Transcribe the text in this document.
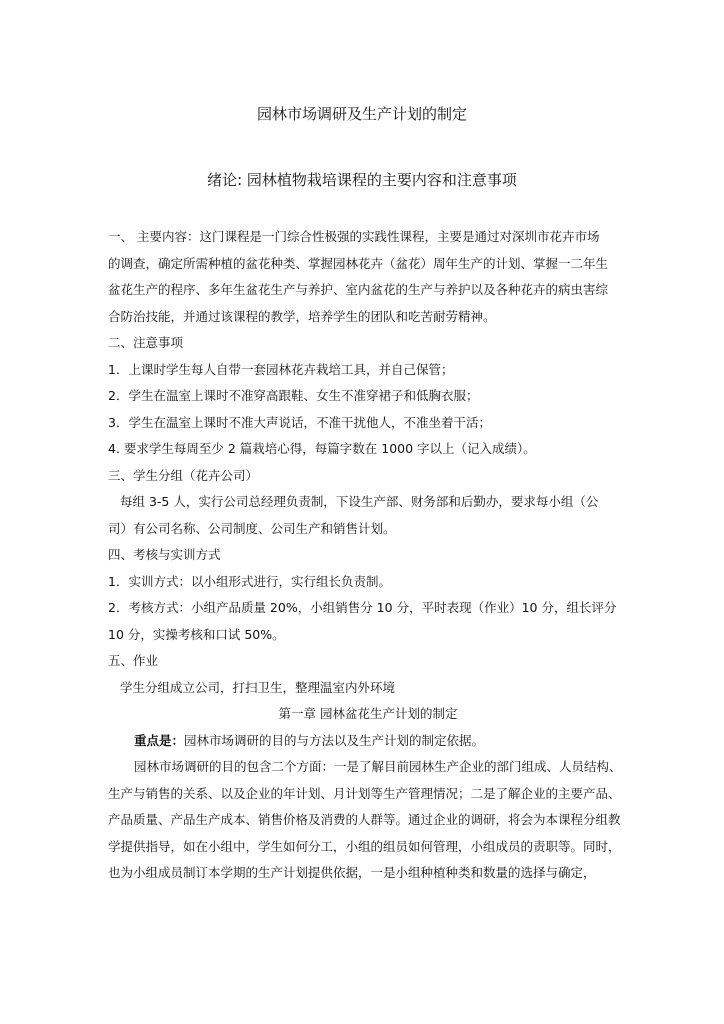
园林市场调研及生产计划的制定
绪论: 园林植物栽培课程的主要内容和注意事项
一、 主要内容：这门课程是一门综合性极强的实践性课程，主要是通过对深圳市花卉市场
的调查，确定所需种植的盆花种类、掌握园林花卉（盆花）周年生产的计划、掌握一二年生
盆花生产的程序、多年生盆花生产与养护、室内盆花的生产与养护以及各种花卉的病虫害综
合防治技能，并通过该课程的教学，培养学生的团队和吃苦耐劳精神。
二、注意事项
1．上课时学生每人自带一套园林花卉栽培工具，并自己保管；
2．学生在温室上课时不准穿高跟鞋、女生不准穿裙子和低胸衣服；
3．学生在温室上课时不准大声说话，不准干扰他人，不准坐着干活；
4. 要求学生每周至少 2 篇栽培心得，每篇字数在 1000 字以上（记入成绩）。
三、学生分组（花卉公司）
每组 3-5 人，实行公司总经理负责制，下设生产部、财务部和后勤办，要求每小组（公
司）有公司名称、公司制度、公司生产和销售计划。
四、考核与实训方式
1．实训方式：以小组形式进行，实行组长负责制。
2．考核方式：小组产品质量 20%，小组销售分 10 分，平时表现（作业）10 分，组长评分
10 分，实操考核和口试 50%。
五、作业
学生分组成立公司，打扫卫生，整理温室内外环境
第一章 园林盆花生产计划的制定
重点是：园林市场调研的目的与方法以及生产计划的制定依据。
园林市场调研的目的包含二个方面：一是了解目前园林生产企业的部门组成、人员结构、
生产与销售的关系、以及企业的年计划、月计划等生产管理情况；二是了解企业的主要产品、
产品质量、产品生产成本、销售价格及消费的人群等。通过企业的调研，将会为本课程分组教
学提供指导，如在小组中，学生如何分工，小组的组员如何管理，小组成员的责职等。同时，
也为小组成员制订本学期的生产计划提供依据，一是小组种植种类和数量的选择与确定，
